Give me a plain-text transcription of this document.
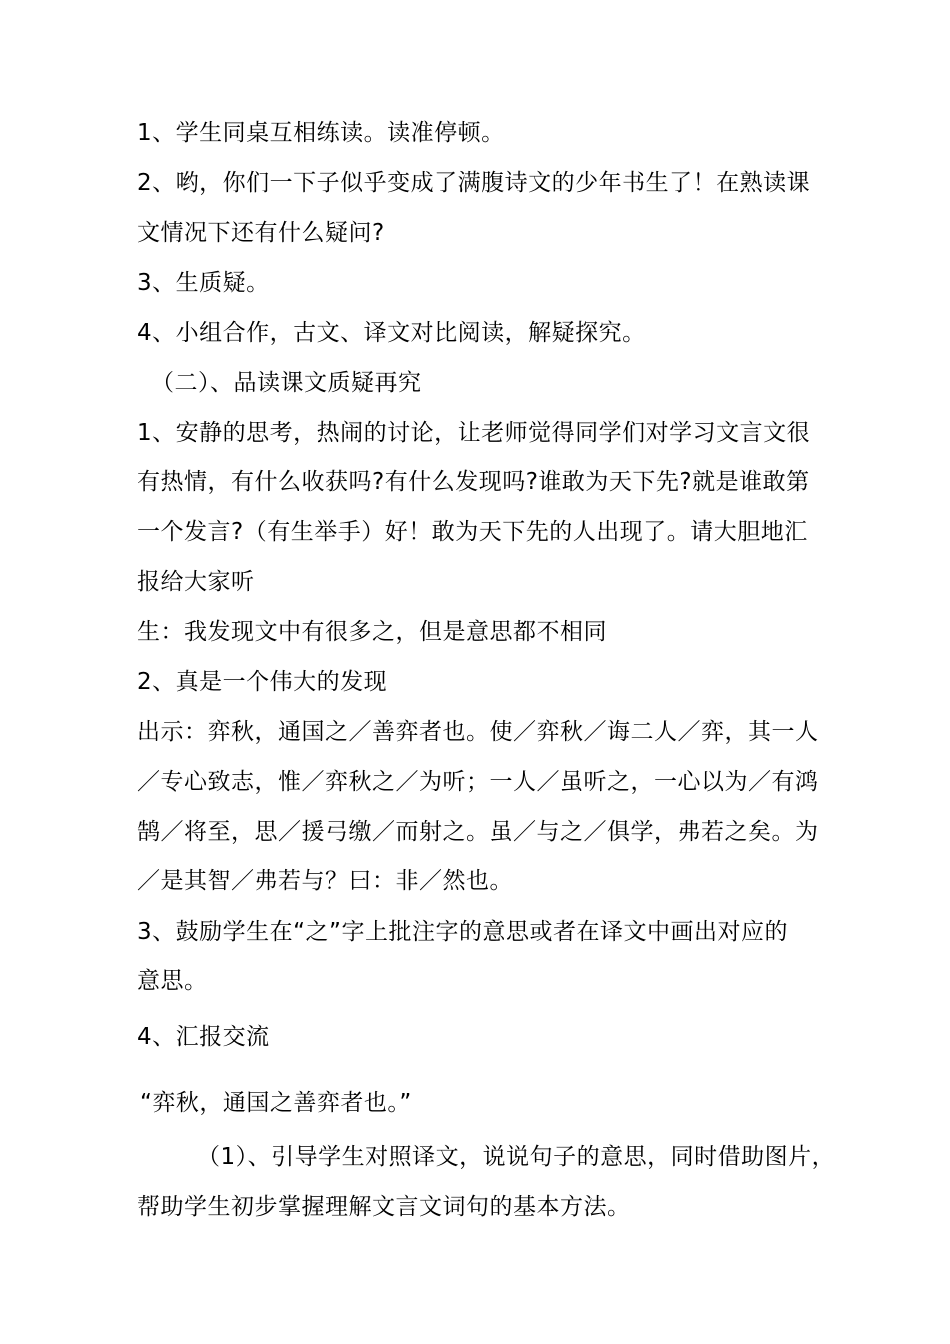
1、学生同桌互相练读。读准停顿。
2、哟，你们一下子似乎变成了满腹诗文的少年书生了！在熟读课
文情况下还有什么疑问?
3、生质疑。
4、小组合作，古文、译文对比阅读，解疑探究。
（二）、品读课文质疑再究
1、安静的思考，热闹的讨论，让老师觉得同学们对学习文言文很
有热情，有什么收获吗?有什么发现吗?谁敢为天下先?就是谁敢第
一个发言?（有生举手）好！敢为天下先的人出现了。请大胆地汇
报给大家听
生：我发现文中有很多之，但是意思都不相同
2、真是一个伟大的发现
出示：弈秋，通国之／善弈者也。使／弈秋／诲二人／弈，其一人
／专心致志，惟／弈秋之／为听；一人／虽听之，一心以为／有鸿
鹄／将至，思／援弓缴／而射之。虽／与之／俱学，弗若之矣。为
／是其智／弗若与？曰：非／然也。
3、鼓励学生在“之”字上批注字的意思或者在译文中画出对应的
意思。
4、汇报交流
“弈秋，通国之善弈者也。”
（1）、引导学生对照译文，说说句子的意思，同时借助图片，
帮助学生初步掌握理解文言文词句的基本方法。
